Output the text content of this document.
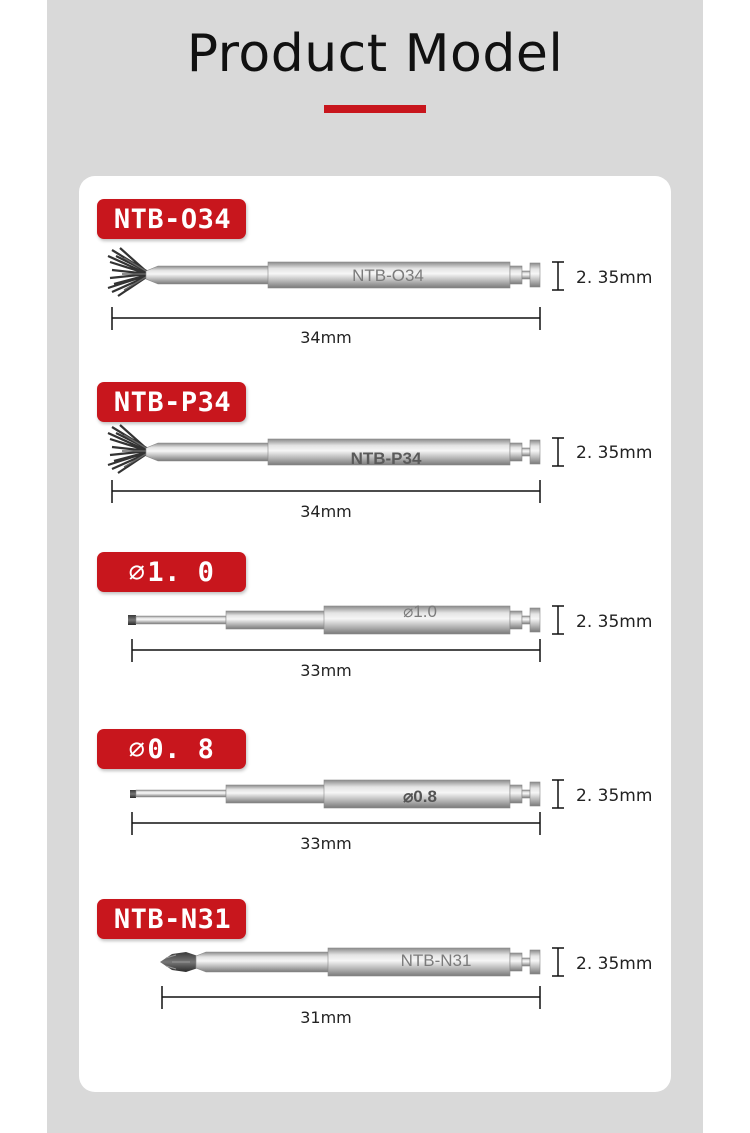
Product Model
NTB-O34
NTB-P34
⌀ 1. 0
⌀ 0. 8
NTB-N31
NTB-O34
NTB-P34
⌀1.0
⌀0.8
NTB-N31
34mm
34mm
33mm
33mm
31mm
2. 35mm
2. 35mm
2. 35mm
2. 35mm
2. 35mm
